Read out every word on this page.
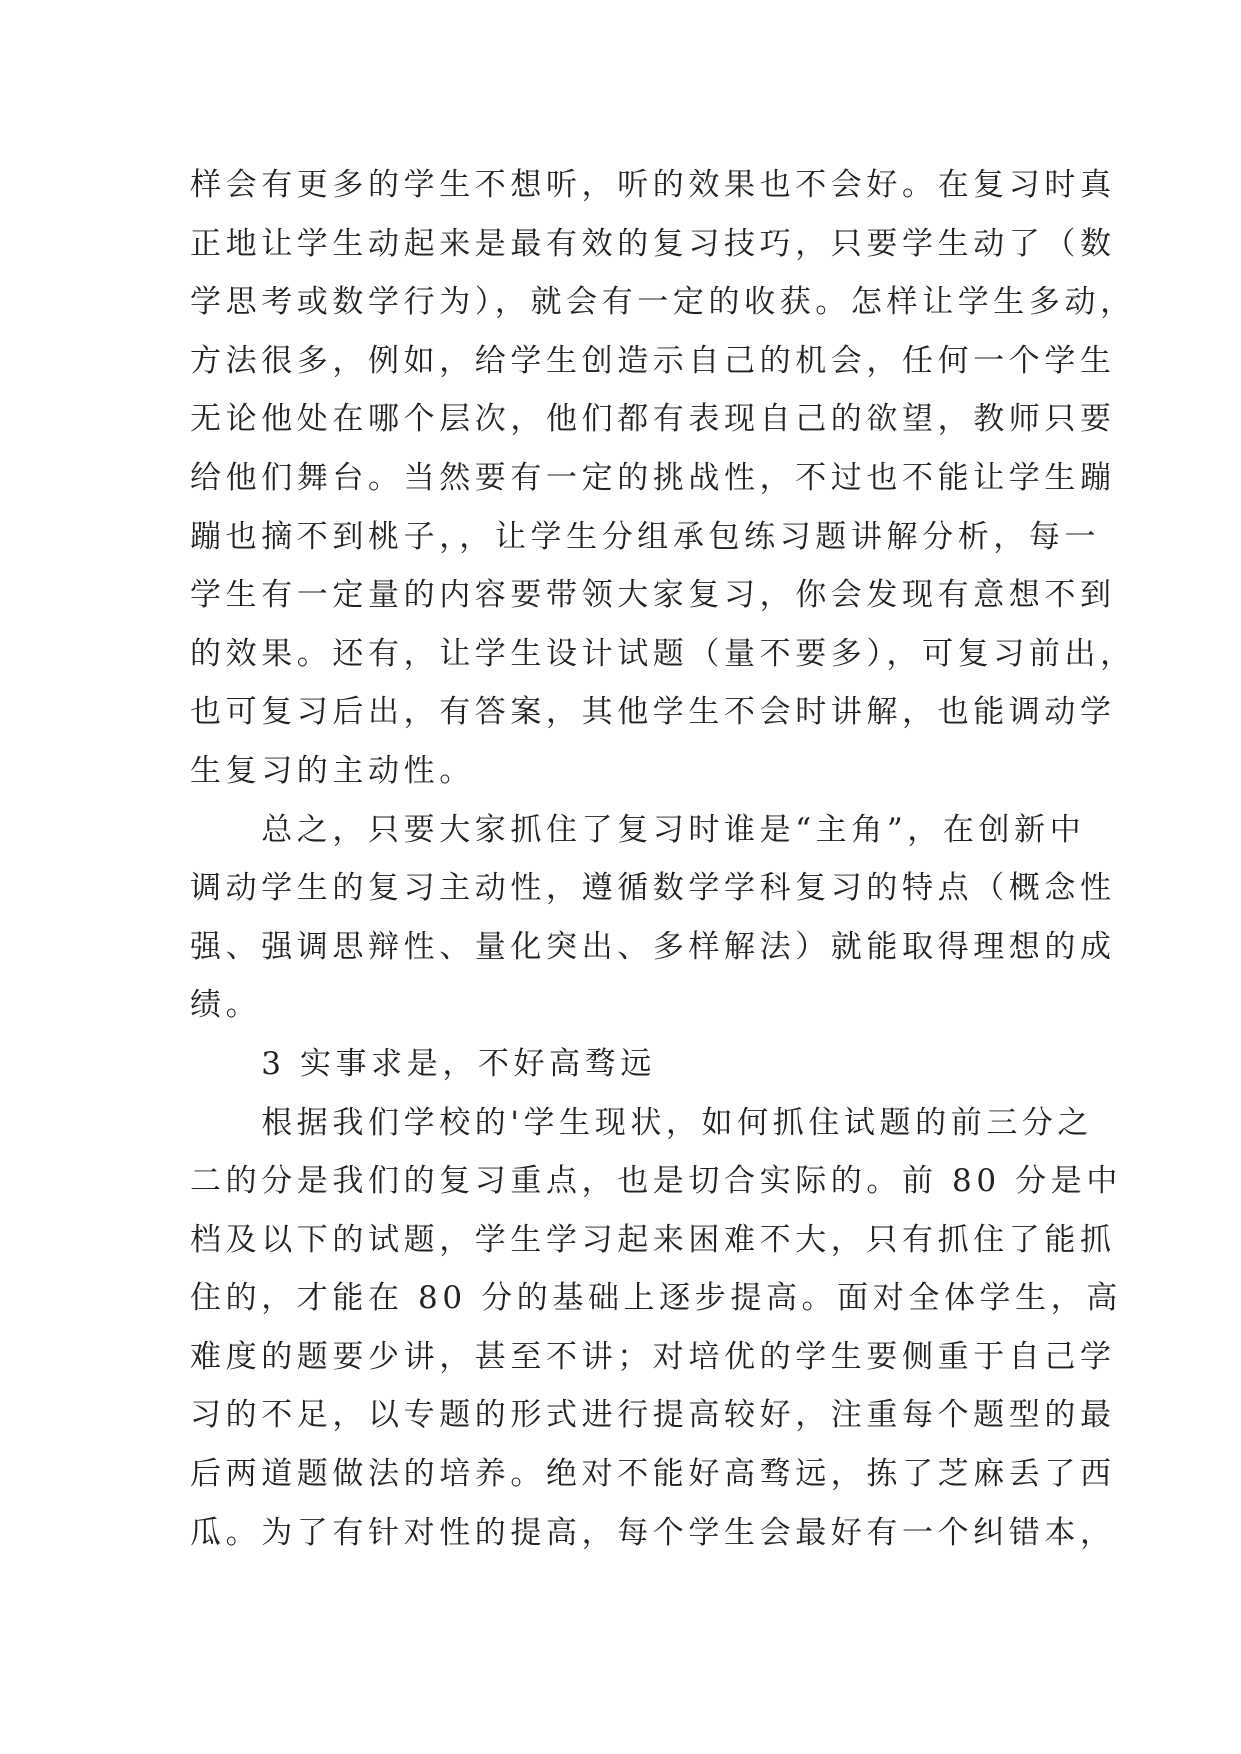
样会有更多的学生不想听，听的效果也不会好。在复习时真
正地让学生动起来是最有效的复习技巧，只要学生动了（数
学思考或数学行为），就会有一定的收获。怎样让学生多动，
方法很多，例如，给学生创造示自己的机会，任何一个学生
无论他处在哪个层次，他们都有表现自己的欲望，教师只要
给他们舞台。当然要有一定的挑战性，不过也不能让学生蹦
蹦也摘不到桃子，，让学生分组承包练习题讲解分析，每一
学生有一定量的内容要带领大家复习，你会发现有意想不到
的效果。还有，让学生设计试题（量不要多），可复习前出，
也可复习后出，有答案，其他学生不会时讲解，也能调动学
生复习的主动性。
　　总之，只要大家抓住了复习时谁是“主角”，在创新中
调动学生的复习主动性，遵循数学学科复习的特点（概念性
强、强调思辩性、量化突出、多样解法）就能取得理想的成
绩。
　　3 实事求是，不好高骛远
　　根据我们学校的'学生现状，如何抓住试题的前三分之
二的分是我们的复习重点，也是切合实际的。前 80 分是中
档及以下的试题，学生学习起来困难不大，只有抓住了能抓
住的，才能在 80 分的基础上逐步提高。面对全体学生，高
难度的题要少讲，甚至不讲；对培优的学生要侧重于自己学
习的不足，以专题的形式进行提高较好，注重每个题型的最
后两道题做法的培养。绝对不能好高骛远，拣了芝麻丢了西
瓜。为了有针对性的提高，每个学生会最好有一个纠错本，
